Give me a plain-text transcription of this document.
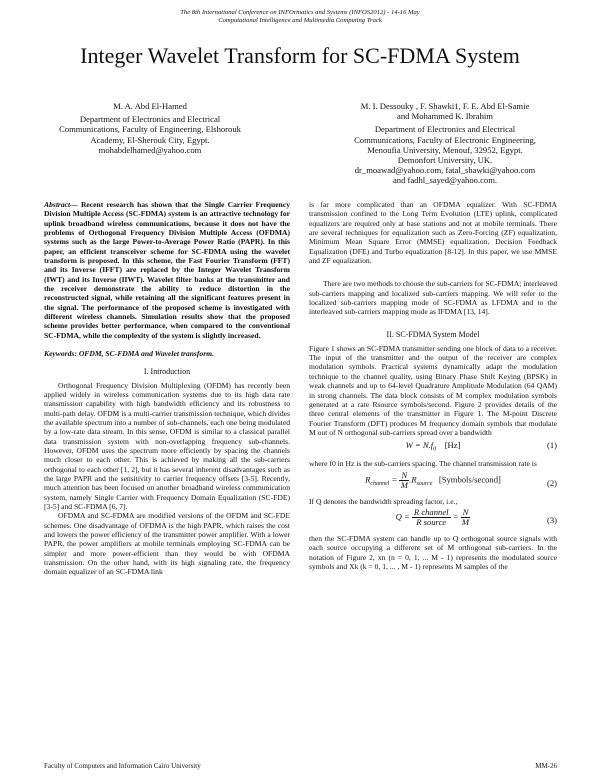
The 8th International Conference on INFOrmatics and Systems (INFOS2012) - 14-16 May
Computational Intelligence and Multimedia Computing Track
Integer Wavelet Transform for SC-FDMA System
M. A. Abd El-Hamed
Department of Electronics and Electrical
Communications, Faculty of Engineering, Elshorouk
Academy, El-Sherouk City, Egypt.
mohabdelhamed@yahoo.com
M. I. Dessouky , F. Shawki1, F. E. Abd El-Samie
and Mohammed K. Ibrahim
Department of Electronics and Electrical
Communications, Faculty of Electronic Engineering,
Menoufia University, Menouf, 32952, Egypt.
Demonfort University, UK.
dr_moawad@yahoo.com, fatal_shawki@yahoo.com
and fadhl_sayed@yahoo.com.

Abstract— Recent research has shown that the Single Carrier Frequency Division Multiple Access (SC-FDMA) system is an attractive technology for uplink broadband wireless communications, because it does not have the problems of Orthogonal Frequency Division Multiple Access (OFDMA) systems such as the large Power-to-Average Power Ratio (PAPR). In this paper, an efficient transceiver scheme for SC-FDMA using the wavelet transform is proposed. In this scheme, the Fast Fourier Transform (FFT) and its Inverse (IFFT) are replaced by the Integer Wavelet Transform (IWT) and its Inverse (IIWT). Wavelet filter banks at the transmitter and the receiver demonstrate the ability to reduce distortion in the reconstructed signal, while retaining all the significant features present in the signal. The performance of the proposed scheme is investigated with different wireless channels. Simulation results show that the proposed scheme provides better performance, when compared to the conventional SC-FDMA, while the complexity of the system is slightly increased.

Keywords: OFDM, SC-FDMA and Wavelet transform.

I. Introduction

Orthogonal Frequency Division Multiplexing (OFDM) has recently been applied widely in wireless communication systems due to its high data rate transmission capability with high bandwidth efficiency and its robustness to multi-path delay. OFDM is a multi-carrier transmission technique, which divides the available spectrum into a number of sub-channels, each one being modulated by a low-rate data stream. In this sense, OFDM is similar to a classical parallel data transmission system with non-overlapping frequency sub-channels. However, OFDM uses the spectrum more efficiently by spacing the channels much closer to each other. This is achieved by making all the sub-carriers orthogonal to each other [1, 2], but it has several inherent disadvantages such as the large PAPR and the sensitivity to carrier frequency offsets [3-5]. Recently, much attention has been focused on another broadband wireless communication system, namely Single Carrier with Frequency Domain Equalization (SC-FDE) [3-5] and SC-FDMA [6, 7].

OFDMA and SC-FDMA are modified versions of the OFDM and SC-FDE schemes. One disadvantage of OFDMA is the high PAPR, which raises the cost and lowers the power efficiency of the transmitter power amplifier. With a lower PAPR, the power amplifiers at mobile terminals employing SC-FDMA can be simpler and more power-efficient than they would be with OFDMA transmission. On the other hand, with its high signaling rate, the frequency domain equalizer of an SC-FDMA link

is far more complicated than an OFDMA equalizer. With SC-FDMA transmission confined to the Long Term Evolution (LTE) uplink, complicated equalizers are required only at base stations and not at mobile terminals. There are several techniques for equalization such as Zero-Forcing (ZF) equalization, Minimum Mean Square Error (MMSE) equalization, Decision Feedback Equalization (DFE) and Turbo equalization [8-12]. In this paper, we use MMSE and ZF equalization.

There are two methods to choose the sub-carriers for SC-FDMA; interleaved sub-carriers mapping and localized sub-carriers mapping. We will refer to the localized sub-carriers mapping mode of SC-FDMA as LFDMA and to the interleaved sub-carriers mapping mode as IFDMA [13, 14].

II. SC-FDMA System Model

Figure 1 shows an SC-FDMA transmitter sending one block of data to a receiver. The input of the transmitter and the output of the receiver are complex modulation symbols. Practical systems dynamically adapt the modulation technique to the channel quality, using Binary Phase Shift Keying (BPSK) in weak channels and up to 64-level Quadrature Amplitude Modulation (64 QAM) in strong channels. The data block consists of M complex modulation symbols generated at a rate Rsource symbols/second. Figure 2 provides details of the three central elements of the transmitter in Figure 1. The M-point Discrete Fourier Transform (DFT) produces M frequency domain symbols that modulate M out of N orthogonal sub-carriers spread over a bandwidth

$W = N.f_0$ [Hz]	(1)

where f0 in Hz is the sub-carriers spacing. The channel transmission rate is

$R_{channel} = \frac{N}{M} .R_{source}$ [Symbols/second]	(2)

If Q denotes the bandwidth spreading factor, i.e.,

$Q = \frac{\text{R channel}}{\text{R source}} = \frac{N}{M}$	(3)

then the SC-FDMA system can handle up to Q orthogonal source signals with each source occupying a different set of M orthogonal sub-carriers. In the notation of Figure 2, xn (n = 0, 1, ... M - 1) represents the modulated source symbols and Xk (k = 0, 1, ... , M - 1) represents M samples of the

Faculty of Computers and Information Cairo University	MM-26
